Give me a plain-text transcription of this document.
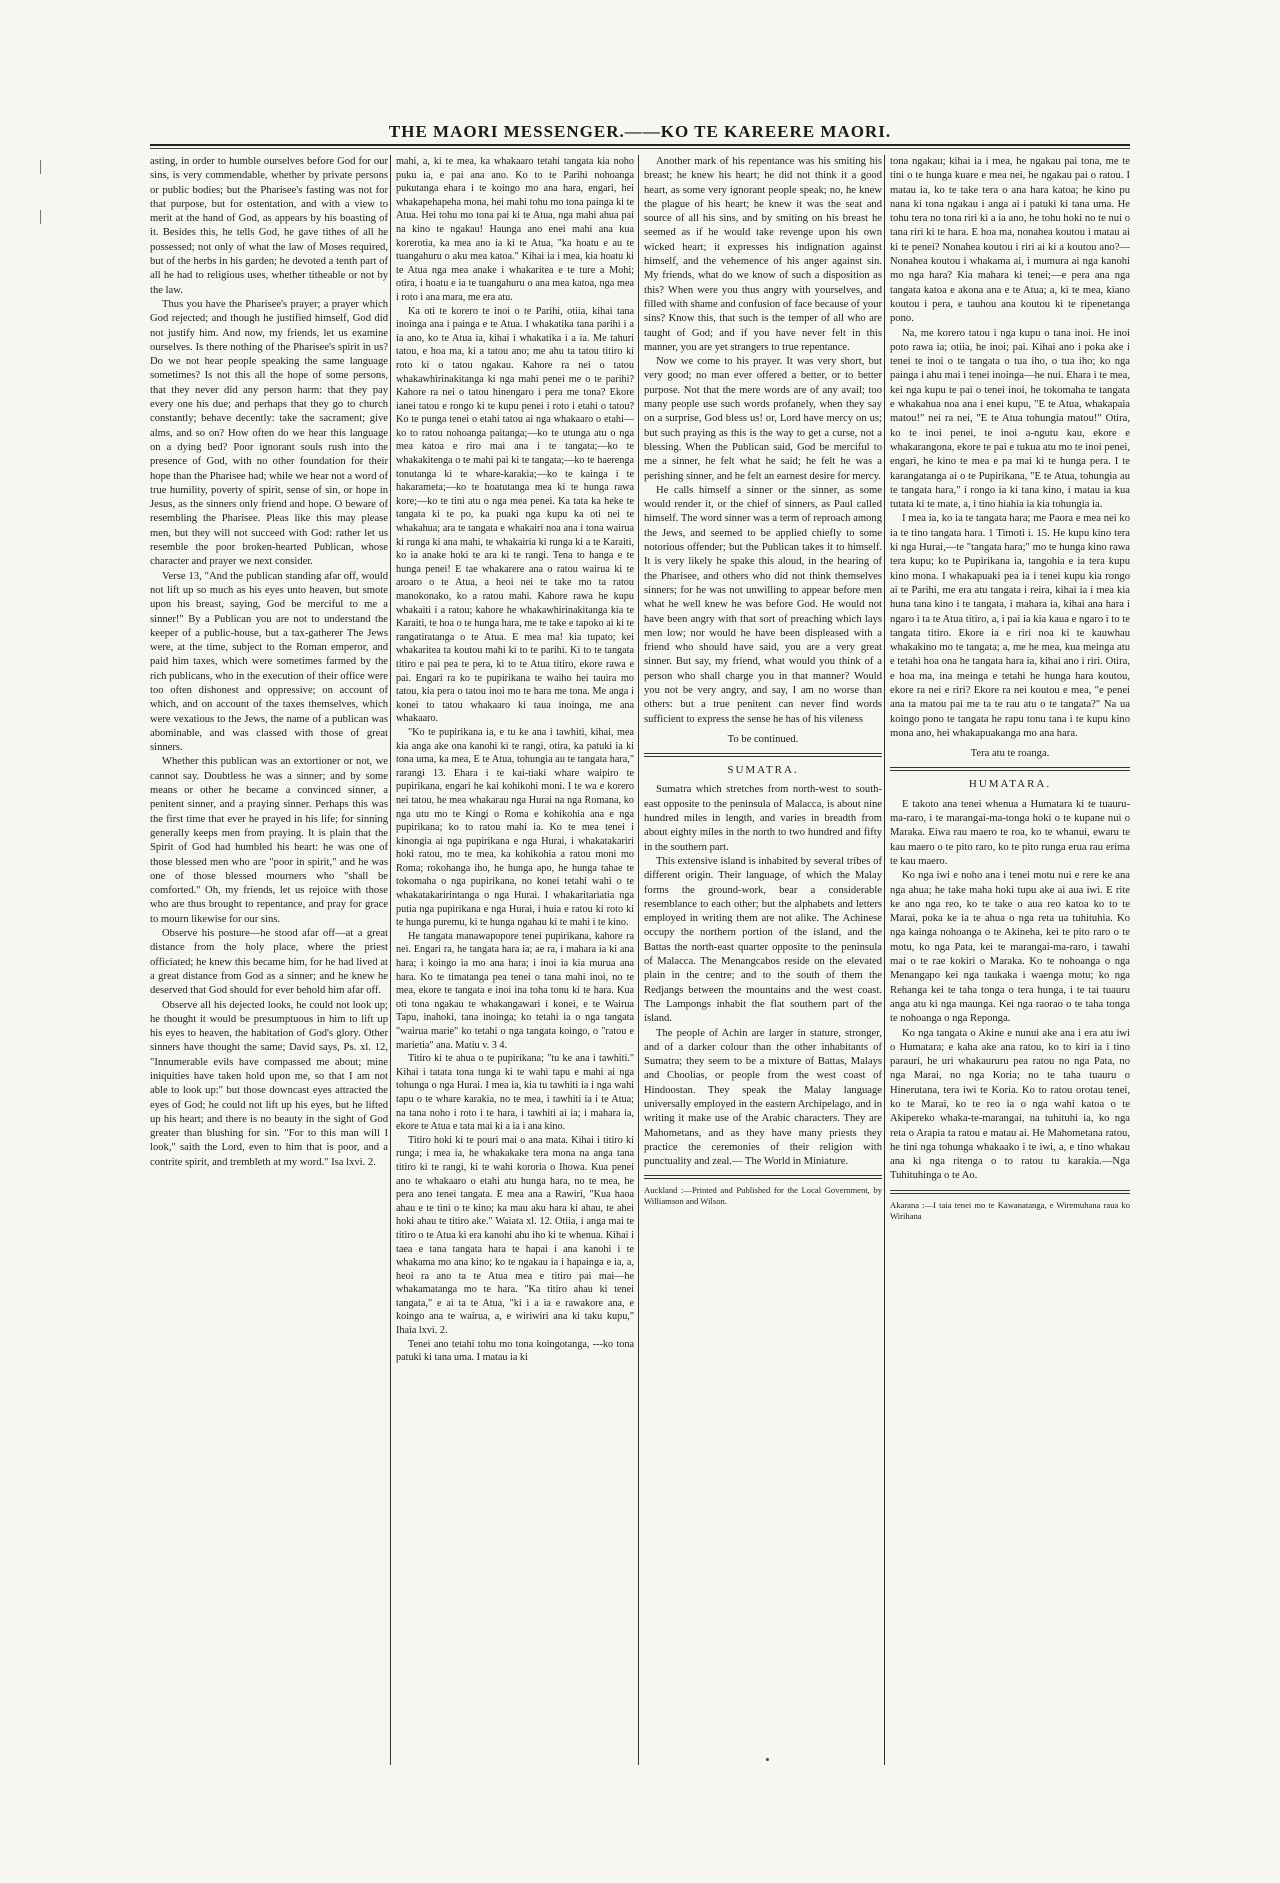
THE MAORI MESSENGER.——KO TE KAREERE MAORI.

asting, in order to humble ourselves before God for our sins, is very commendable, whether by private persons or public bodies; but the Pharisee's fasting was not for that purpose, but for ostentation, and with a view to merit at the hand of God, as appears by his boasting of it. Besides this, he tells God, he gave tithes of all he possessed; not only of what the law of Moses required, but of the herbs in his garden; he devoted a tenth part of all he had to religious uses, whether titheable or not by the law.

Thus you have the Pharisee's prayer; a prayer which God rejected; and though he justified himself, God did not justify him. And now, my friends, let us examine ourselves. Is there nothing of the Pharisee's spirit in us? Do we not hear people speaking the same language sometimes? Is not this all the hope of some persons, that they never did any person harm: that they pay every one his due; and perhaps that they go to church constantly; behave decently: take the sacrament; give alms, and so on? How often do we hear this language on a dying bed? Poor ignorant souls rush into the presence of God, with no other foundation for their hope than the Pharisee had; while we hear not a word of true humility, poverty of spirit, sense of sin, or hope in Jesus, as the sinners only friend and hope. O beware of resembling the Pharisee. Pleas like this may please men, but they will not succeed with God: rather let us resemble the poor broken-hearted Publican, whose character and prayer we next consider.

Verse 13, "And the publican standing afar off, would not lift up so much as his eyes unto heaven, but smote upon his breast, saying, God be merciful to me a sinner!" By a Publican you are not to understand the keeper of a public-house, but a tax-gatherer The Jews were, at the time, subject to the Roman emperor, and paid him taxes, which were sometimes farmed by the rich publicans, who in the execution of their office were too often dishonest and oppressive; on account of which, and on account of the taxes themselves, which were vexatious to the Jews, the name of a publican was abominable, and was classed with those of great sinners.

Whether this publican was an extortioner or not, we cannot say. Doubtless he was a sinner; and by some means or other he became a convinced sinner, a penitent sinner, and a praying sinner. Perhaps this was the first time that ever he prayed in his life; for sinning generally keeps men from praying. It is plain that the Spirit of God had humbled his heart: he was one of those blessed men who are "poor in spirit," and he was one of those blessed mourners who "shall be comforted." Oh, my friends, let us rejoice with those who are thus brought to repentance, and pray for grace to mourn likewise for our sins.

Observe his posture—he stood afar off—at a great distance from the holy place, where the priest officiated; he knew this became him, for he had lived at a great distance from God as a sinner; and he knew he deserved that God should for ever behold him afar off.

Observe all his dejected looks, he could not look up; he thought it would be presumptuous in him to lift up his eyes to heaven, the habitation of God's glory. Other sinners have thought the same; David says, Ps. xl. 12, "Innumerable evils have compassed me about; mine iniquities have taken hold upon me, so that I am not able to look up:" but those downcast eyes attracted the eyes of God; he could not lift up his eyes, but he lifted up his heart; and there is no beauty in the sight of God greater than blushing for sin. "For to this man will I look," saith the Lord, even to him that is poor, and a contrite spirit, and trembleth at my word." Isa lxvi. 2.

mahi, a, ki te mea, ka whakaaro tetahi tangata kia noho puku ia, e pai ana ano. Ko to te Parihi nohoanga pukutanga ehara i te koingo mo ana hara, engari, hei whakapehapeha mona, hei mahi tohu mo tona painga ki te Atua. Hei tohu mo tona pai ki te Atua, nga mahi ahua pai na kino te ngakau! Haunga ano enei mahi ana kua korerotia, ka mea ano ia ki te Atua, "ka hoatu e au te tuangahuru o aku mea katoa." Kihai ia i mea, kia hoatu ki te Atua nga mea anake i whakaritea e te ture a Mohi; otira, i hoatu e ia te tuangahuru o ana mea katoa, nga mea i roto i ana mara, me era atu.

Ka oti te korero te inoi o te Parihi, otiia, kihai tana inoinga ana i painga e te Atua. I whakatika tana parihi i a ia ano, ko te Atua ia, kihai i whakatika i a ia. Me tahuri tatou, e hoa ma, ki a tatou ano; me ahu ta tatou titiro ki roto ki o tatou ngakau. Kahore ra nei o tatou whakawhirinakitanga ki nga mahi penei me o te parihi? Kahore ra nei o tatou hinengaro i pera me tona? Ekore ianei tatou e rongo ki te kupu penei i roto i etahi o tatou? Ko te punga tenei o etahi tatou ai nga whakaaro o etahi—ko to ratou nohoanga paitanga;—ko te utunga atu o nga mea katoa e riro mai ana i te tangata;—ko te whakakitenga o te mahi pai ki te tangata;—ko te haerenga tonutanga ki te whare-karakia;—ko te kainga i te hakarameta;—ko te hoatutanga mea ki te hunga rawa kore;—ko te tini atu o nga mea penei. Ka tata ka heke te tangata ki te po, ka puaki nga kupu ka oti nei te whakahua; ara te tangata e whakairi noa ana i tona wairua ki runga ki ana mahi, te whakairia ki runga ki a te Karaiti, ko ia anake hoki te ara ki te rangi. Tena to hanga e te hunga penei! E tae whakarere ana o ratou wairua ki te aroaro o te Atua, a heoi nei te take mo ta ratou manokonako, ko a ratou mahi. Kahore rawa he kupu whakaiti i a ratou; kahore he whakawhirinakitanga kia te Karaiti, te hoa o te hunga hara, me te take e tapoko ai ki te rangatiratanga o te Atua. E mea ma! kia tupato; kei whakaritea ta koutou mahi ki to te parihi. Ki to te tangata titiro e pai pea te pera, ki to te Atua titiro, ekore rawa e pai. Engari ra ko te pupirikana te waiho hei tauira mo tatou, kia pera o tatou inoi mo te hara me tona. Me anga i konei to tatou whakaaro ki taua inoinga, me ana whakaaro.

"Ko te pupirikana ia, e tu ke ana i tawhiti, kihai, mea kia anga ake ona kanohi ki te rangi, otira, ka patuki ia ki tona uma, ka mea, E te Atua, tohungia au te tangata hara," rarangi 13. Ehara i te kai-tiaki whare waipiro te pupirikana, engari he kai kohikohi moni. I te wa e korero nei tatou, he mea whakarau nga Hurai na nga Romana, ko nga utu mo te Kingi o Roma e kohikohia ana e nga pupirikana; ko to ratou mahi ia. Ko te mea tenei i kinongia ai nga pupirikana e nga Hurai, i whakatakariri hoki ratou, mo te mea, ka kohikohia a ratou moni mo Roma; rokohanga iho, he hunga apo, he hunga tahae te tokomaha o nga pupirikana, no konei tetahi wahi o te whakatakaririntanga o nga Hurai. I whakaritariatia nga putia nga pupirikana e nga Hurai, i huia e ratou ki roto ki te hunga puremu, ki te hunga ngahau ki te mahi i te kino.

He tangata manawapopore tenei pupirikana, kahore ra nei. Engari ra, he tangata hara ia; ae ra, i mahara ia ki ana hara; i koingo ia mo ana hara; i inoi ia kia murua ana hara. Ko te timatanga pea tenei o tana mahi inoi, no te mea, ekore te tangata e inoi ina toha tonu ki te hara. Kua oti tona ngakau te whakangawari i konei, e te Wairua Tapu, inahoki, tana inoinga; ko tetahi ia o nga tangata "wairua marie" ko tetahi o nga tangata koingo, o "ratou e marietia" ana. Matiu v. 3 4.

Titiro ki te ahua o te pupirikana; "tu ke ana i tawhiti." Kihai i tatata tona tunga ki te wahi tapu e mahi ai nga tohunga o nga Hurai. I mea ia, kia tu tawhiti ia i nga wahi tapu o te whare karakia, no te mea, i tawhiti ia i te Atua; na tana noho i roto i te hara, i tawhiti ai ia; i mahara ia, ekore te Atua e tata mai ki a ia i ana kino.

Titiro hoki ki te pouri mai o ana mata. Kihai i titiro ki runga; i mea ia, he whakakake tera mona na anga tana titiro ki te rangi, ki te wahi kororia o Ihowa. Kua penei ano te whakaaro o etahi atu hunga hara, no te mea, he pera ano tenei tangata. E mea ana a Rawiri, "Kua haoa ahau e te tini o te kino; ka mau aku hara ki ahau, te ahei hoki ahau te titiro ake." Waiata xl. 12. Otiia, i anga mai te titiro o te Atua ki era kanohi ahu iho ki te whenua. Kihai i taea e tana tangata hara te hapai i ana kanohi i te whakama mo ana kino; ko te ngakau ia i hapainga e ia, a, heoi ra ano ta te Atua mea e titiro pai mai—he whakamatanga mo te hara. "Ka titiro ahau ki tenei tangata," e ai ta te Atua, "ki i a ia e rawakore ana, e koingo ana te wairua, a, e wiriwiri ana ki taku kupu," Ihaia lxvi. 2.

Tenei ano tetahi tohu mo tona koingotanga, ---ko tona patuki ki tana uma. I matau ia ki

Another mark of his repentance was his smiting his breast; he knew his heart; he did not think it a good heart, as some very ignorant people speak; no, he knew the plague of his heart; he knew it was the seat and source of all his sins, and by smiting on his breast he seemed as if he would take revenge upon his own wicked heart; it expresses his indignation against himself, and the vehemence of his anger against sin. My friends, what do we know of such a disposition as this? When were you thus angry with yourselves, and filled with shame and confusion of face because of your sins? Know this, that such is the temper of all who are taught of God; and if you have never felt in this manner, you are yet strangers to true repentance.

Now we come to his prayer. It was very short, but very good; no man ever offered a better, or to better purpose. Not that the mere words are of any avail; too many people use such words profanely, when they say on a surprise, God bless us! or, Lord have mercy on us; but such praying as this is the way to get a curse, not a blessing. When the Publican said, God be merciful to me a sinner, he felt what he said; he felt he was a perishing sinner, and he felt an earnest desire for mercy.

He calls himself a sinner or the sinner, as some would render it, or the chief of sinners, as Paul called himself. The word sinner was a term of reproach among the Jews, and seemed to be applied chiefly to some notorious offender; but the Publican takes it to himself. It is very likely he spake this aloud, in the hearing of the Pharisee, and others who did not think themselves sinners; for he was not unwilling to appear before men what he well knew he was before God. He would not have been angry with that sort of preaching which lays men low; nor would he have been displeased with a friend who should have said, you are a very great sinner. But say, my friend, what would you think of a person who shall charge you in that manner? Would you not be very angry, and say, I am no worse than others: but a true penitent can never find words sufficient to express the sense he has of his vileness

To be continued.

SUMATRA.

Sumatra which stretches from north-west to south-east opposite to the peninsula of Malacca, is about nine hundred miles in length, and varies in breadth from about eighty miles in the north to two hundred and fifty in the southern part.

This extensive island is inhabited by several tribes of different origin. Their language, of which the Malay forms the ground-work, bear a considerable resemblance to each other; but the alphabets and letters employed in writing them are not alike. The Achinese occupy the northern portion of the island, and the Battas the north-east quarter opposite to the peninsula of Malacca. The Menangcabos reside on the elevated plain in the centre; and to the south of them the Redjangs between the mountains and the west coast. The Lampongs inhabit the flat southern part of the island.

The people of Achin are larger in stature, stronger, and of a darker colour than the other inhabitants of Sumatra; they seem to be a mixture of Battas, Malays and Choolias, or people from the west coast of Hindoostan. They speak the Malay language universally employed in the eastern Archipelago, and in writing it make use of the Arabic characters. They are Mahometans, and as they have many priests they practice the ceremonies of their religion with punctuality and zeal.— The World in Miniature.

Auckland :—Printed and Published for the Local Government, by Williamson and Wilson.

tona ngakau; kihai ia i mea, he ngakau pai tona, me te tini o te hunga kuare e mea nei, he ngakau pai o ratou. I matau ia, ko te take tera o ana hara katoa; he kino pu nana ki tona ngakau i anga ai i patuki ki tana uma. He tohu tera no tona riri ki a ia ano, he tohu hoki no te nui o tana riri ki te hara. E hoa ma, nonahea koutou i matau ai ki te penei? Nonahea koutou i riri ai ki a koutou ano?—Nonahea koutou i whakama ai, i mumura ai nga kanohi mo nga hara? Kia mahara ki tenei;—e pera ana nga tangata katoa e akona ana e te Atua; a, ki te mea, kiano koutou i pera, e tauhou ana koutou ki te ripenetanga pono.

Na, me korero tatou i nga kupu o tana inoi. He inoi poto rawa ia; otiia, he inoi; pai. Kihai ano i poka ake i tenei te inoi o te tangata o tua iho, o tua iho; ko nga painga i ahu mai i tenei inoinga—he nui. Ehara i te mea, kei nga kupu te pai o tenei inoi, he tokomaha te tangata e whakahua noa ana i enei kupu, "E te Atua, whakapaia matou!" nei ra nei, "E te Atua tohungia matou!" Otira, ko te inoi penei, te inoi a-ngutu kau, ekore e whakarangona, ekore te pai e tukua atu mo te inoi penei, engari, he kino te mea e pa mai ki te hunga pera. I te karangatanga ai o te Pupirikana, "E te Atua, tohungia au te tangata hara," i rongo ia ki tana kino, i matau ia kua tutata ki te mate, a, i tino hiahia ia kia tohungia ia.

I mea ia, ko ia te tangata hara; me Paora e mea nei ko ia te tino tangata hara. 1 Timoti i. 15. He kupu kino tera ki nga Hurai,—te "tangata hara;" mo te hunga kino rawa tera kupu; ko te Pupirikana ia, tangohia e ia tera kupu kino mona. I whakapuaki pea ia i tenei kupu kia rongo ai te Parihi, me era atu tangata i reira, kihai ia i mea kia huna tana kino i te tangata, i mahara ia, kihai ana hara i ngaro i ta te Atua titiro, a, i pai ia kia kaua e ngaro i to te tangata titiro. Ekore ia e riri noa ki te kauwhau whakakino mo te tangata; a, me he mea, kua meinga atu e tetahi hoa ona he tangata hara ia, kihai ano i riri. Otira, e hoa ma, ina meinga e tetahi he hunga hara koutou, ekore ra nei e riri? Ekore ra nei koutou e mea, "e penei ana ta matou pai me ta te rau atu o te tangata?" Na ua koingo pono te tangata he rapu tonu tana i te kupu kino mona ano, hei whakapuakanga mo ana hara.

Tera atu te roanga.

HUMATARA.

E takoto ana tenei whenua a Humatara ki te tuauru-ma-raro, i te marangai-ma-tonga hoki o te kupane nui o Maraka. Eiwa rau maero te roa, ko te whanui, ewaru te kau maero o te pito raro, ko te pito runga erua rau erima te kau maero.

Ko nga iwi e noho ana i tenei motu nui e rere ke ana nga ahua; he take maha hoki tupu ake ai aua iwi. E rite ke ano nga reo, ko te take o aua reo katoa ko to te Marai, poka ke ia te ahua o nga reta ua tuhituhia. Ko nga kainga nohoanga o te Akineha, kei te pito raro o te motu, ko nga Pata, kei te marangai-ma-raro, i tawahi mai o te rae kokiri o Maraka. Ko te nohoanga o nga Menangapo kei nga taukaka i waenga motu; ko nga Rehanga kei te taha tonga o tera hunga, i te tai tuauru anga atu ki nga maunga. Kei nga raorao o te taha tonga te nohoanga o nga Reponga.

Ko nga tangata o Akine e nunui ake ana i era atu iwi o Humatara; e kaha ake ana ratou, ko to kiri ia i tino parauri, he uri whakaururu pea ratou no nga Pata, no nga Marai, no nga Koria; no te taha tuauru o Hinerutana, tera iwi te Koria. Ko to ratou orotau tenei, ko te Marai, ko te reo ia o nga wahi katoa o te Akipereko whaka-te-marangai, na tuhituhi ia, ko nga reta o Arapia ta ratou e matau ai. He Mahometana ratou, he tini nga tohunga whakaako i te iwi, a, e tino whakau ana ki nga ritenga o to ratou tu karakia.—Nga Tuhituhinga o te Ao.

Akarana :—I taia tenei mo te Kawanatanga, e Wiremuhana raua ko Wirihana
